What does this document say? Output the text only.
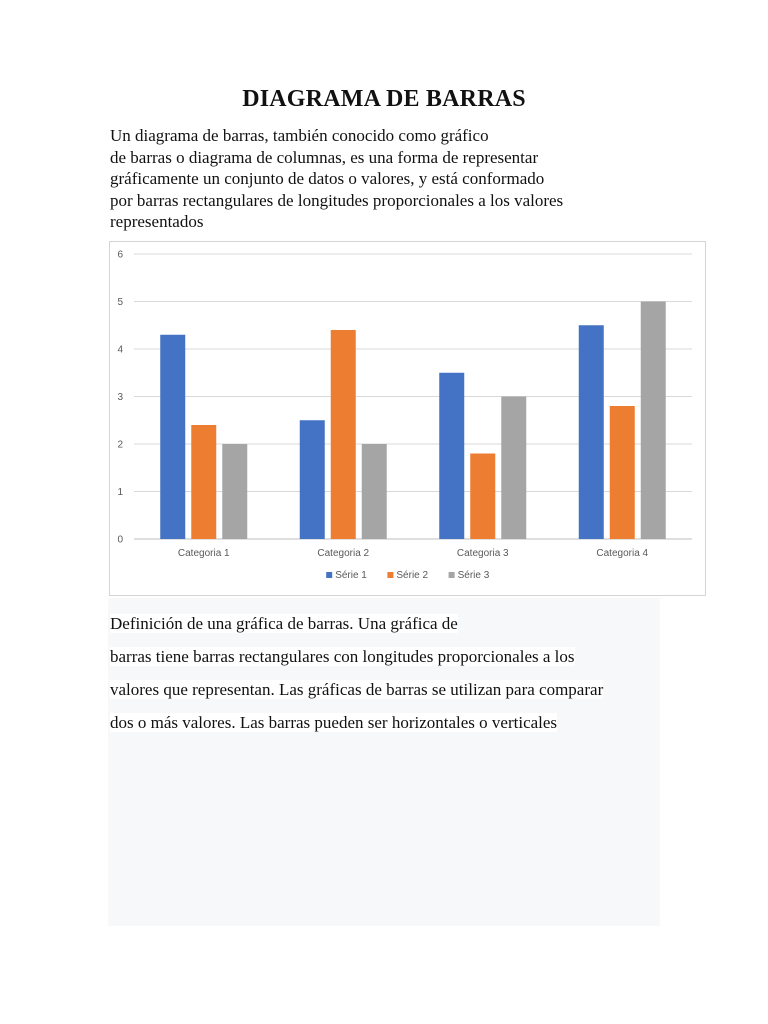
DIAGRAMA DE BARRAS
Un diagrama de barras, también conocido como gráfico
de barras o diagrama de columnas, es una forma de representar
gráficamente un conjunto de datos o valores, y está conformado
por barras rectangulares de longitudes proporcionales a los valores
representados
0
1
2
3
4
5
6
Categoria 1	Categoria 2	Categoria 3	Categoria 4
Série 1	Série 2	Série 3
Definición de una gráfica de barras. Una gráfica de
barras tiene barras rectangulares con longitudes proporcionales a los
valores que representan. Las gráficas de barras se utilizan para comparar
dos o más valores. Las barras pueden ser horizontales o verticales
